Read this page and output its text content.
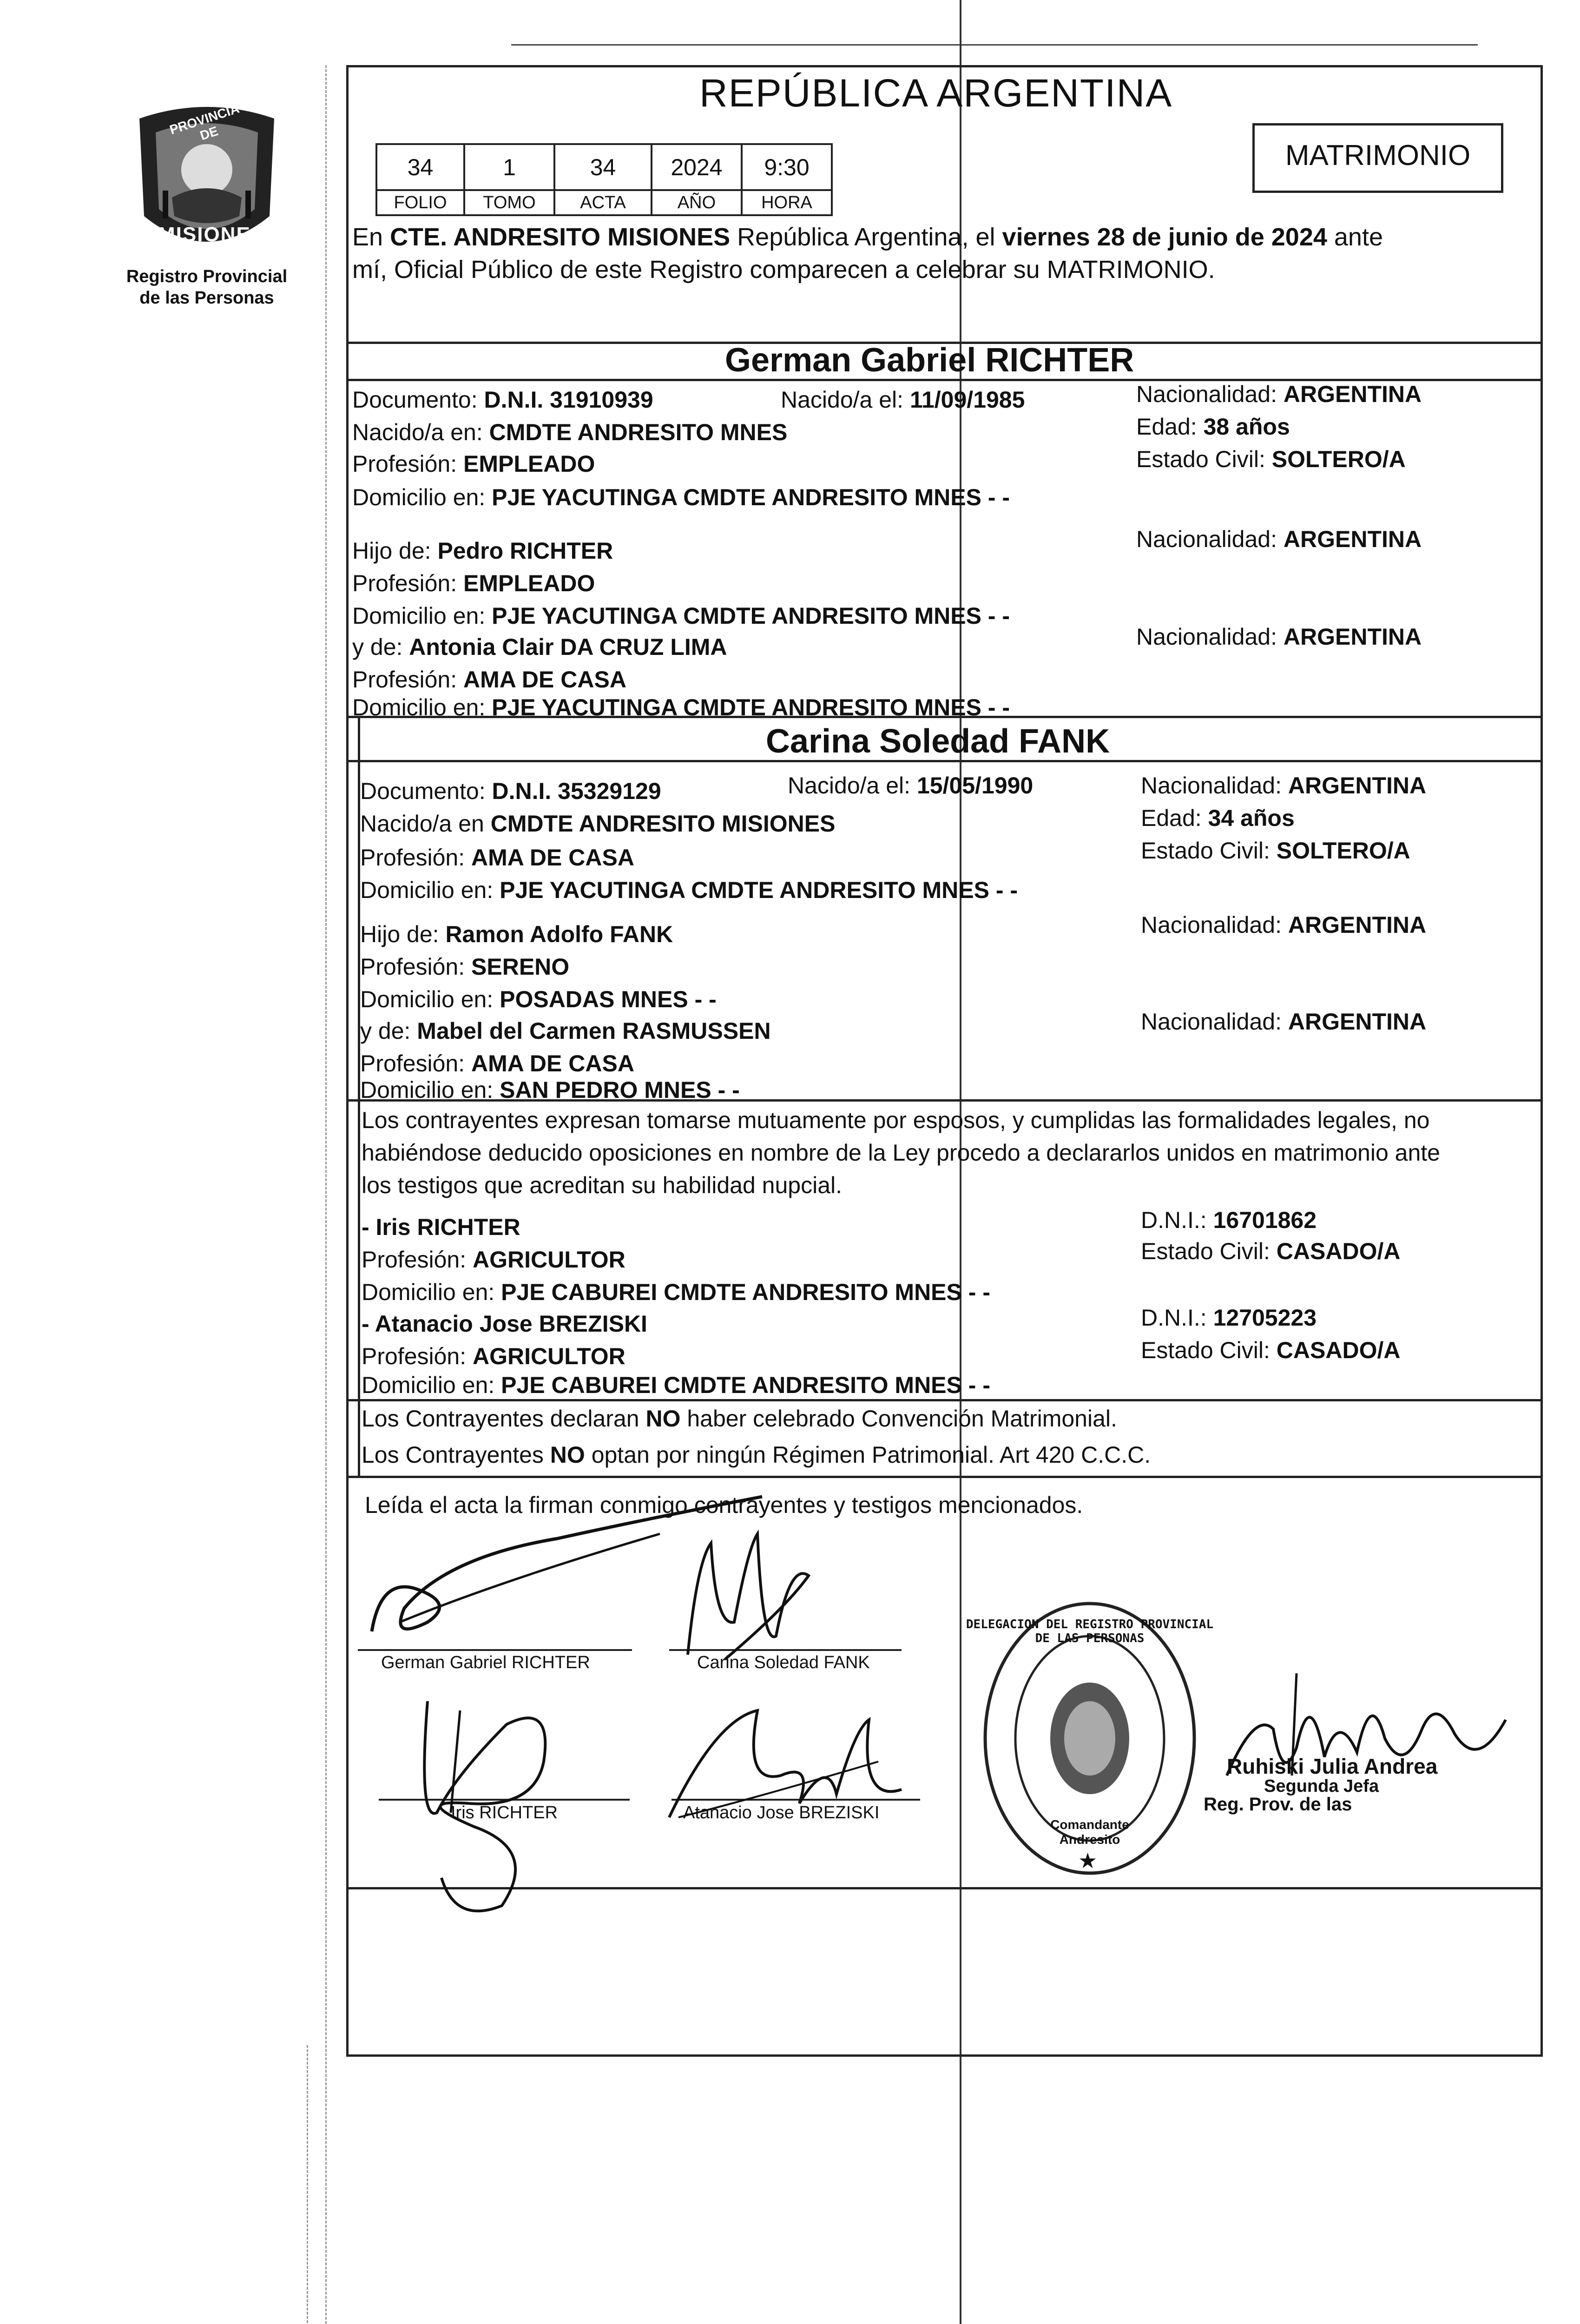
PROVINCIA DE
MISIONES
Registro Provincial
de las Personas
REPÚBLICA ARGENTINA
MATRIMONIO
34	1	34	2024	9:30
FOLIO	TOMO	ACTA	AÑO	HORA
En CTE. ANDRESITO MISIONES República Argentina, el viernes 28 de junio de 2024 ante
mí, Oficial Público de este Registro comparecen a celebrar su MATRIMONIO.
German Gabriel RICHTER
Documento: D.N.I. 31910939	Nacido/a el: 11/09/1985	Nacionalidad: ARGENTINA
Nacido/a en: CMDTE ANDRESITO MNES	Edad: 38 años
Profesión: EMPLEADO	Estado Civil: SOLTERO/A
Domicilio en: PJE YACUTINGA CMDTE ANDRESITO MNES - -
Hijo de: Pedro RICHTER	Nacionalidad: ARGENTINA
Profesión: EMPLEADO
Domicilio en: PJE YACUTINGA CMDTE ANDRESITO MNES - -
y de: Antonia Clair DA CRUZ LIMA	Nacionalidad: ARGENTINA
Profesión: AMA DE CASA
Domicilio en: PJE YACUTINGA CMDTE ANDRESITO MNES - -
Carina Soledad FANK
Documento: D.N.I. 35329129	Nacido/a el: 15/05/1990	Nacionalidad: ARGENTINA
Nacido/a en CMDTE ANDRESITO MISIONES	Edad: 34 años
Profesión: AMA DE CASA	Estado Civil: SOLTERO/A
Domicilio en: PJE YACUTINGA CMDTE ANDRESITO MNES - -
Hijo de: Ramon Adolfo FANK	Nacionalidad: ARGENTINA
Profesión: SERENO
Domicilio en: POSADAS MNES - -
y de: Mabel del Carmen RASMUSSEN	Nacionalidad: ARGENTINA
Profesión: AMA DE CASA
Domicilio en: SAN PEDRO MNES - -
Los contrayentes expresan tomarse mutuamente por esposos, y cumplidas las formalidades legales, no
habiéndose deducido oposiciones en nombre de la Ley procedo a declararlos unidos en matrimonio ante
los testigos que acreditan su habilidad nupcial.
- Iris RICHTER	D.N.I.: 16701862
Profesión: AGRICULTOR	Estado Civil: CASADO/A
Domicilio en: PJE CABUREI CMDTE ANDRESITO MNES - -
- Atanacio Jose BREZISKI	D.N.I.: 12705223
Profesión: AGRICULTOR	Estado Civil: CASADO/A
Domicilio en: PJE CABUREI CMDTE ANDRESITO MNES - -
Los Contrayentes declaran NO haber celebrado Convención Matrimonial.
Los Contrayentes NO optan por ningún Régimen Patrimonial. Art 420 C.C.C.
Leída el acta la firman conmigo contrayentes y testigos mencionados.
German Gabriel RICHTER	Carina Soledad FANK
Iris RICHTER	Atanacio Jose BREZISKI
DELEGACION DEL REGISTRO PROVINCIAL DE LAS PERSONAS
Comandante Andresito
★
Ruhiski Julia Andrea
Segunda Jefa
Reg. Prov. de las
